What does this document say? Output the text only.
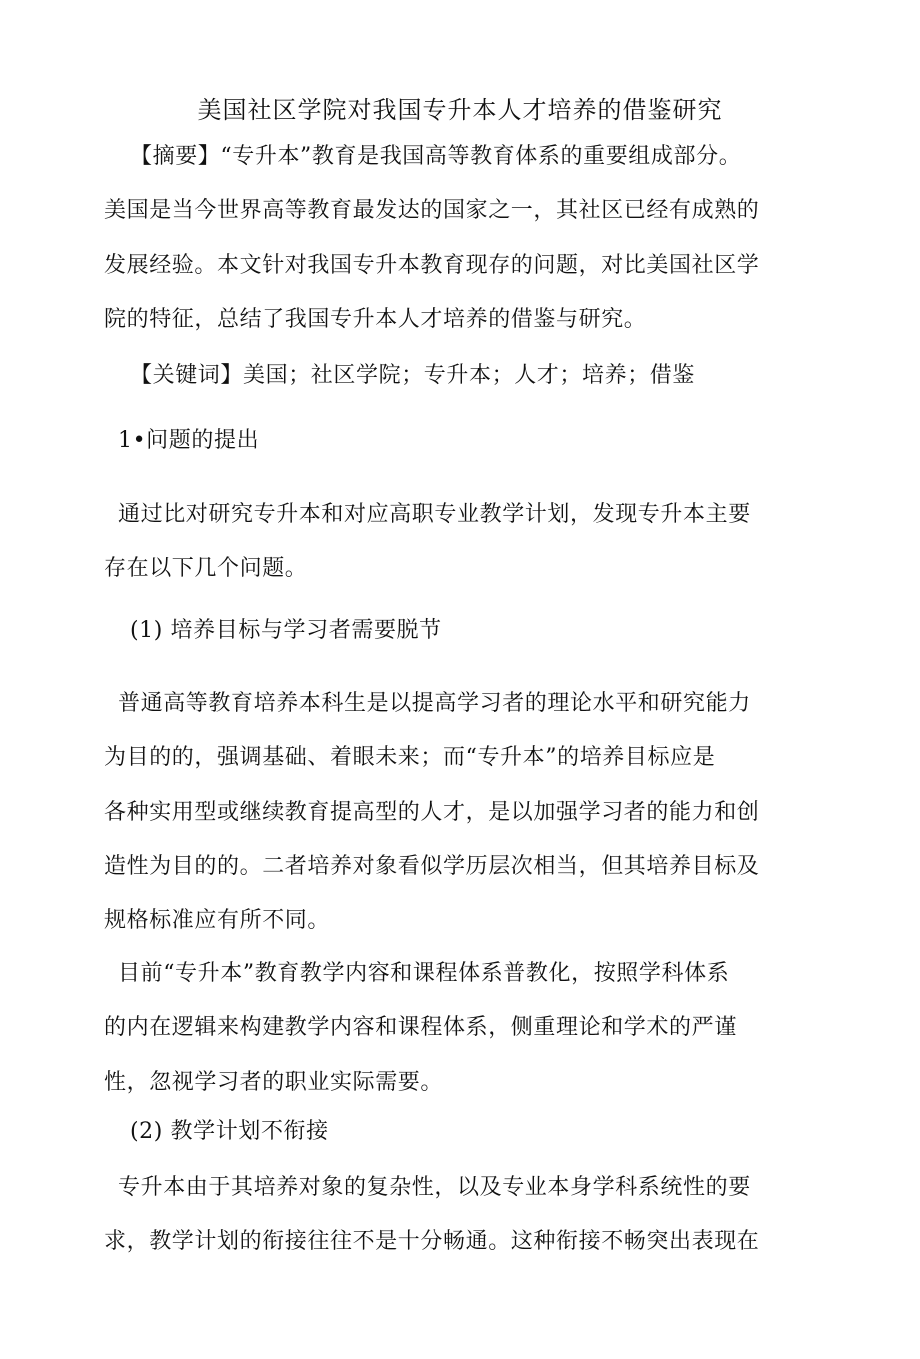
美国社区学院对我国专升本人才培养的借鉴研究
【摘要】“专升本”教育是我国高等教育体系的重要组成部分。
美国是当今世界高等教育最发达的国家之一，其社区已经有成熟的
发展经验。本文针对我国专升本教育现存的问题，对比美国社区学
院的特征，总结了我国专升本人才培养的借鉴与研究。
【关键词】美国；社区学院；专升本；人才；培养；借鉴
1•问题的提出
通过比对研究专升本和对应高职专业教学计划，发现专升本主要
存在以下几个问题。
(1) 培养目标与学习者需要脱节
普通高等教育培养本科生是以提高学习者的理论水平和研究能力
为目的的，强调基础、着眼未来；而“专升本”的培养目标应是
各种实用型或继续教育提高型的人才，是以加强学习者的能力和创
造性为目的的。二者培养对象看似学历层次相当，但其培养目标及
规格标准应有所不同。
目前“专升本”教育教学内容和课程体系普教化，按照学科体系
的内在逻辑来构建教学内容和课程体系，侧重理论和学术的严谨
性，忽视学习者的职业实际需要。
(2) 教学计划不衔接
专升本由于其培养对象的复杂性，以及专业本身学科系统性的要
求，教学计划的衔接往往不是十分畅通。这种衔接不畅突出表现在
